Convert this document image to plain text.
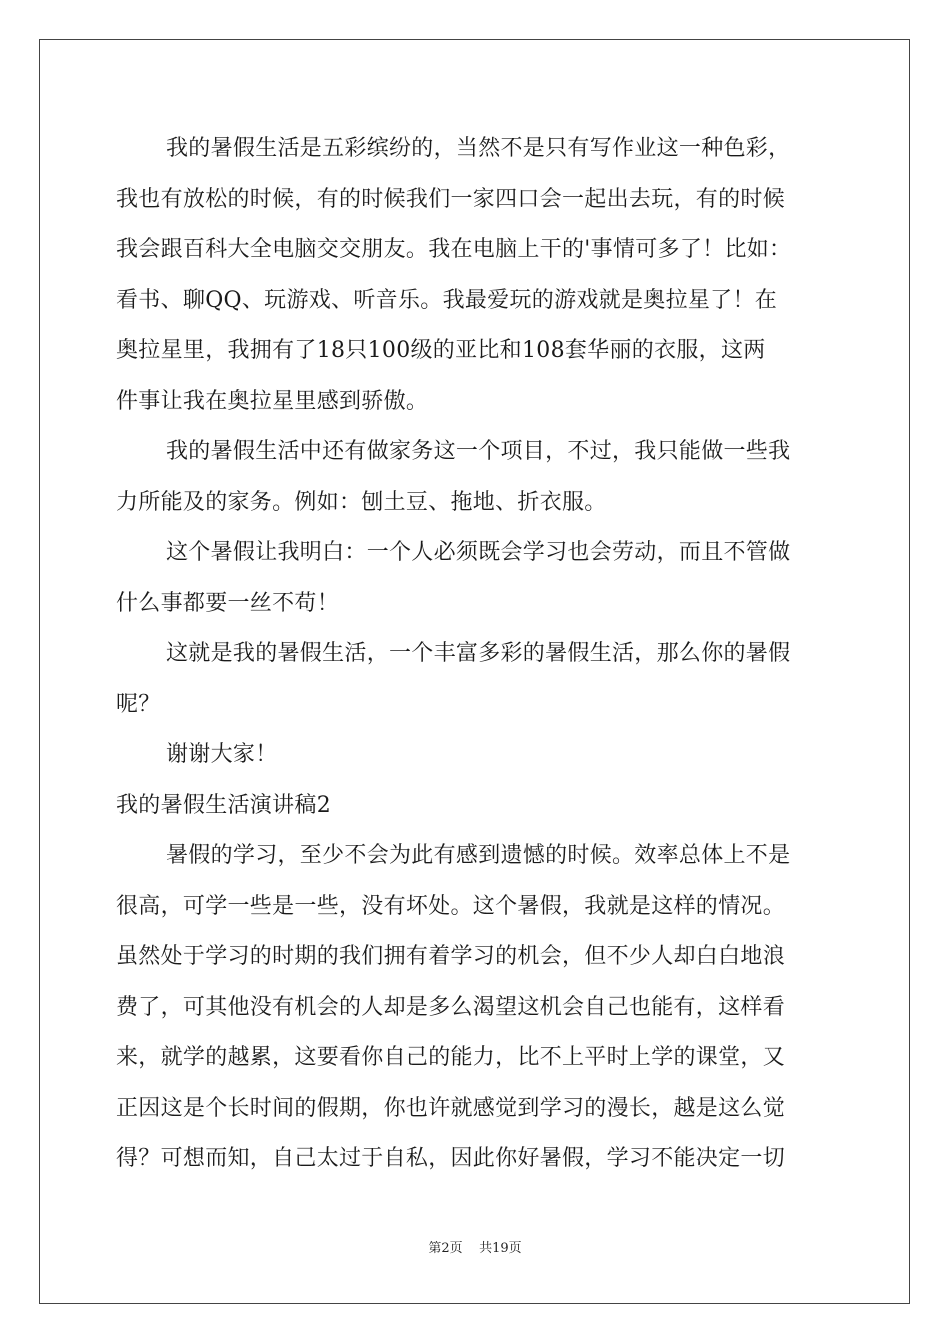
我的暑假生活是五彩缤纷的，当然不是只有写作业这一种色彩，
我也有放松的时候，有的时候我们一家四口会一起出去玩，有的时候
我会跟百科大全电脑交交朋友。我在电脑上干的'事情可多了！比如：
看书、聊QQ、玩游戏、听音乐。我最爱玩的游戏就是奥拉星了！在
奥拉星里，我拥有了18只100级的亚比和108套华丽的衣服，这两
件事让我在奥拉星里感到骄傲。
我的暑假生活中还有做家务这一个项目，不过，我只能做一些我
力所能及的家务。例如：刨土豆、拖地、折衣服。
这个暑假让我明白：一个人必须既会学习也会劳动，而且不管做
什么事都要一丝不苟！
这就是我的暑假生活，一个丰富多彩的暑假生活，那么你的暑假
呢？
谢谢大家！
我的暑假生活演讲稿2
暑假的学习，至少不会为此有感到遗憾的时候。效率总体上不是
很高，可学一些是一些，没有坏处。这个暑假，我就是这样的情况。
虽然处于学习的时期的我们拥有着学习的机会，但不少人却白白地浪
费了，可其他没有机会的人却是多么渴望这机会自己也能有，这样看
来，就学的越累，这要看你自己的能力，比不上平时上学的课堂，又
正因这是个长时间的假期，你也许就感觉到学习的漫长，越是这么觉
得？可想而知，自己太过于自私，因此你好暑假，学习不能决定一切
第2页 共19页
